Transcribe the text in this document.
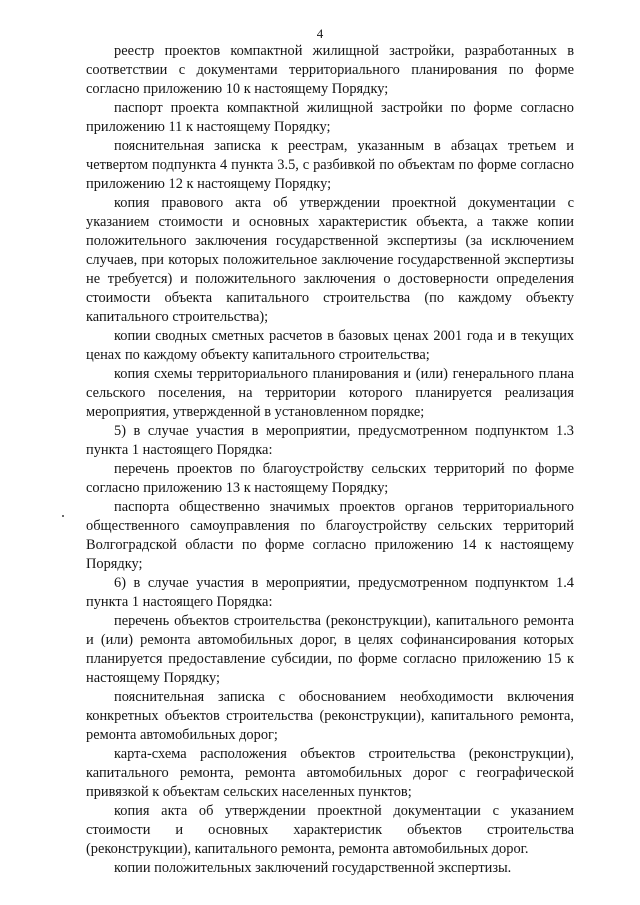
4

реестр проектов компактной жилищной застройки, разработанных в соответствии с документами территориального планирования по форме согласно приложению 10 к настоящему Порядку;

паспорт проекта компактной жилищной застройки по форме согласно приложению 11 к настоящему Порядку;

пояснительная записка к реестрам, указанным в абзацах третьем и четвертом подпункта 4 пункта 3.5, с разбивкой по объектам по форме согласно приложению 12 к настоящему Порядку;

копия правового акта об утверждении проектной документации с указанием стоимости и основных характеристик объекта, а также копии положительного заключения государственной экспертизы (за исключением случаев, при которых положительное заключение государственной экспертизы не требуется) и положительного заключения о достоверности определения стоимости объекта капитального строительства (по каждому объекту капитального строительства);

копии сводных сметных расчетов в базовых ценах 2001 года и в текущих ценах по каждому объекту капитального строительства;

копия схемы территориального планирования и (или) генерального плана сельского поселения, на территории которого планируется реализация мероприятия, утвержденной в установленном порядке;

5) в случае участия в мероприятии, предусмотренном подпунктом 1.3 пункта 1 настоящего Порядка:

перечень проектов по благоустройству сельских территорий по форме согласно приложению 13 к настоящему Порядку;

паспорта общественно значимых проектов органов территориального общественного самоуправления по благоустройству сельских территорий Волгоградской области по форме согласно приложению 14 к настоящему Порядку;

6) в случае участия в мероприятии, предусмотренном подпунктом 1.4 пункта 1 настоящего Порядка:

перечень объектов строительства (реконструкции), капитального ремонта и (или) ремонта автомобильных дорог, в целях софинансирования которых планируется предоставление субсидии, по форме согласно приложению 15 к настоящему Порядку;

пояснительная записка с обоснованием необходимости включения конкретных объектов строительства (реконструкции), капитального ремонта, ремонта автомобильных дорог;

карта-схема расположения объектов строительства (реконструкции), капитального ремонта, ремонта автомобильных дорог с географической привязкой к объектам сельских населенных пунктов;

копия акта об утверждении проектной документации с указанием стоимости и основных характеристик объектов строительства (реконструкции), капитального ремонта, ремонта автомобильных дорог.

копии положительных заключений государственной экспертизы.
